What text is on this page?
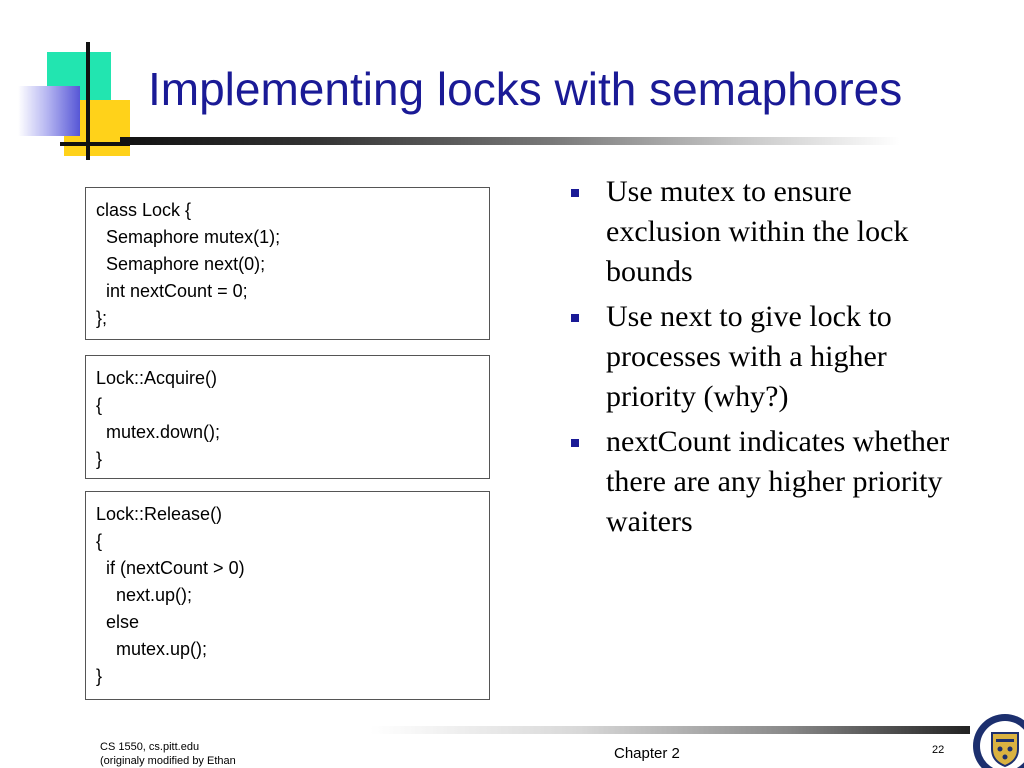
Implementing locks with semaphores
class Lock {
Semaphore mutex(1);
Semaphore next(0);
int nextCount = 0;
};
Lock::Acquire()
{
mutex.down();
}
Lock::Release()
{
if (nextCount > 0)
next.up();
else
mutex.up();
}
Use mutex to ensure exclusion within the lock bounds
Use next to give lock to processes with a higher priority (why?)
nextCount indicates whether there are any higher priority waiters
CS 1550, cs.pitt.edu
(originaly modified by Ethan	Chapter 2	22
